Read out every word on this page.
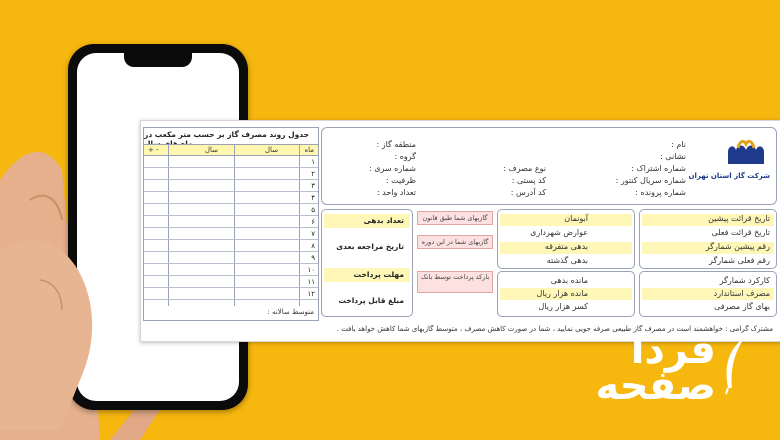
جدول روند مصرف گاز بر حسب متر مکعب در
ماه
سال
سال
+ -
۱
۲
۳
۴
۵
۶
۷
۸
۹
۱۰
۱۱
۱۲
متوسط سالانه :
شرکت گاز استان تهران
نام :
نشانی :
شماره اشتراک :
شماره سریال کنتور :
شماره پرونده :
نوع مصرف :
کد پستی :
کد آدرس :
منطقه گاز :
گروه :
شماره سری :
ظرفیت :
تعداد واحد :
تاریخ قرائت پیشین
تاریخ قرائت فعلی
رقم پیشین شمارگر
رقم فعلی شمارگر
کارکرد شمارگر
مصرف استاندارد
بهای گاز مصرفی
آبونمان
عوارض شهرداری
بدهی متفرقه
بدهی گذشته
مانده بدهی
مانده هزار ریال
کسر هزار ریال
گازبهای شما طبق قانون
گازبهای شما در این دوره
بارکد پرداخت توسط بانک
تعداد بدهی
تاریخ مراجعه بعدی
مهلت پرداخت
مبلغ قابل پرداخت
مشترک گرامی : خواهشمند است در مصرف گاز طبیعی صرفه جویی نمایید ، شما در صورت کاهش مصرف ، متوسط گازبهای شما کاهش خواهد یافت .
فردا
صفحه
